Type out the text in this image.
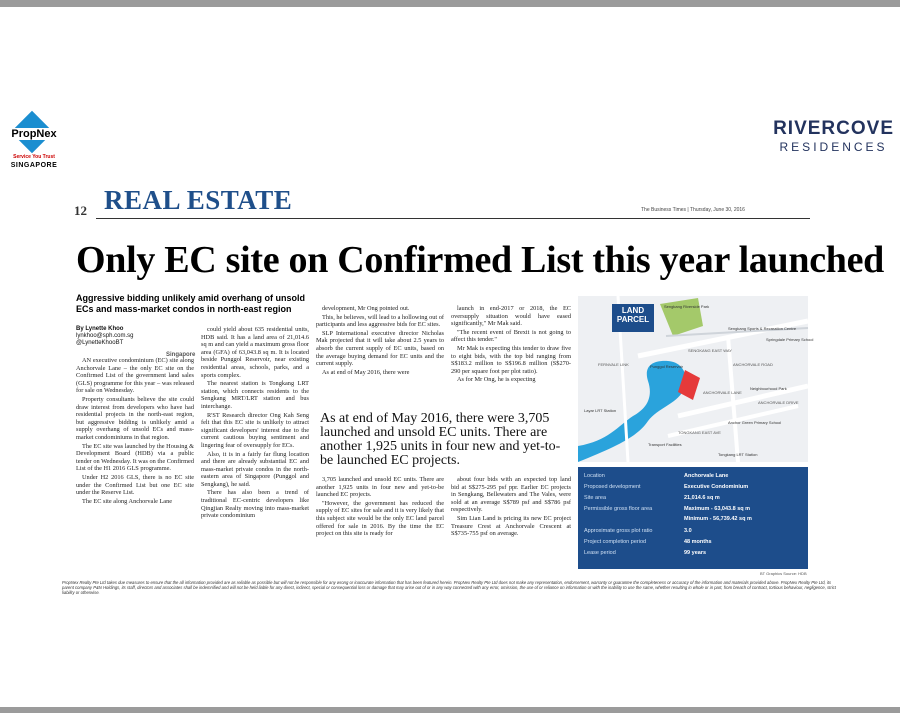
PropNex
Service You Trust
SINGAPORE
RIVERCOVE
RESIDENCES
12 REAL ESTATE	The Business Times | Thursday, June 30, 2016
Only EC site on Confirmed List this year launched
Aggressive bidding unlikely amid overhang of unsold ECs and mass-market condos in north-east region
By Lynette Khoo
lynkhoo@sph.com.sg
@LynetteKhooBT
Singapore

AN executive condominium (EC) site along Anchorvale Lane – the only EC site on the Confirmed List of the government land sales (GLS) programme for this year – was released for sale on Wednesday.

Property consultants believe the site could draw interest from developers who have had residential projects in the north-east region, but aggressive bidding is unlikely amid a supply overhang of unsold ECs and mass-market condominiums in that region.

The EC site was launched by the Housing & Development Board (HDB) via a public tender on Wednesday. It was on the Confirmed List of the H1 2016 GLS programme.

Under H2 2016 GLS, there is no EC site under the Confirmed List but one EC site under the Reserve List.

The EC site along Anchorvale Lane

could yield about 635 residential units, HDB said. It has a land area of 21,014.6 sq m and can yield a maximum gross floor area (GFA) of 63,043.8 sq m. It is located beside Punggol Reservoir, near existing residential areas, schools, parks, and a sports complex.

The nearest station is Tongkang LRT station, which connects residents to the Sengkang MRT/LRT station and bus interchange.

R'ST Research director Ong Kah Seng felt that this EC site is unlikely to attract significant developers' interest due to the current cautious buying sentiment and lingering fear of oversupply for ECs.

Also, it is in a fairly far flung location and there are already substantial EC and mass-market private condos in the north-eastern area of Singapore (Punggol and Sengkang), he said.

There has also been a trend of traditional EC-centric developers like Qingjian Realty moving into mass-market private condominium

development, Mr Ong pointed out.

This, he believes, will lead to a hollowing out of participants and less aggressive bids for EC sites.

SLP International executive director Nicholas Mak projected that it will take about 2.5 years to absorb the current supply of EC units, based on the average buying demand for EC units and the current supply.

As at end of May 2016, there were

launch in end-2017 or 2018, the EC oversupply situation would have eased significantly," Mr Mak said.

"The recent event of Brexit is not going to affect this tender."

Mr Mak is expecting this tender to draw five to eight bids, with the top bid ranging from S$183.2 million to S$196.8 million (S$270-290 per square foot per plot ratio).

As for Mr Ong, he is expecting

As at end of May 2016, there were 3,705 launched and unsold EC units. There are another 1,925 units in four new and yet-to-be launched EC projects.

3,705 launched and unsold EC units. There are another 1,925 units in four new and yet-to-be launched EC projects.

"However, the government has reduced the supply of EC sites for sale and it is very likely that this subject site would be the only EC land parcel offered for sale in 2016. By the time the EC project on this site is ready for

about four bids with an expected top land bid at S$275-295 psf ppr. Earlier EC projects in Sengkang, Bellewaters and The Vales, were sold at an average S$789 psf and S$786 psf respectively.

Sim Lian Land is pricing its new EC project Treasure Crest at Anchorvale Crescent at S$735-755 psf on average.

Sengkang Riverside Park
Sengkang Sports & Recreation Centre
Springdale Primary School
SENGKANG EAST WAY
Punggol Reservoir
Neighbourhood Park
Layar LRT Station
ANCHORVALE LANE
ANCHORVALE DRIVE
Anchor Green Primary School
Transport Facilities
TONGKANG EAST AVE
Tongkang LRT Station
FERNVALE LINK	ANCHORVALE ROAD
LAND PARCEL
Location	Anchorvale Lane
Proposed development	Executive Condominium
Site area	21,014.6 sq m
Permissible gross floor area	Maximum - 63,043.8 sq m
Minimum - 56,739.42 sq m
Approximate gross plot ratio	3.0
Project completion period	48 months
Lease period	99 years
BT Graphics Source: HDB
PropNex Realty Pte Ltd takes due measures to ensure that the all information provided are as reliable as possible but will not be responsible for any wrong or inaccurate information that has been featured herein. PropNex Realty Pte Ltd does not make any representation, endorsement, warranty or guarantee the completeness or accuracy of the information and materials provided above. PropNex Realty Pte Ltd, its parent company P&N Holdings, its staff, directors and associates shall be indemnified and will not be held liable for any direct, indirect, special or consequential loss or damage that may arise out of or in any way connected with any error, omission, the use of or reliance on information or with the inability to use the same, whether resulting in whole or in part, from breach of contract, tortious behaviour, negligence, strict liability or otherwise.
